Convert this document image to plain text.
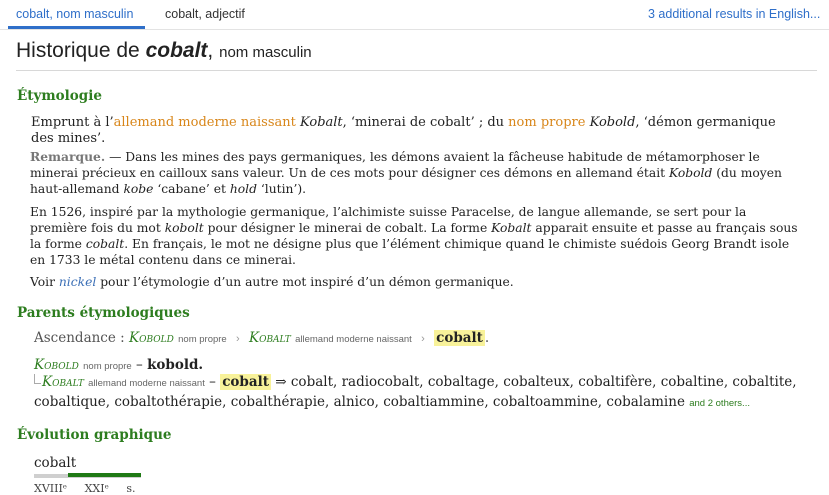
cobalt, nom masculin	cobalt, adjectif	3 additional results in English...
Historique de cobalt, nom masculin
Étymologie
Emprunt à l’allemand moderne naissant Kobalt, ‘minerai de cobalt’ ; du nom propre Kobold, ‘démon germanique des mines’.
Remarque. — Dans les mines des pays germaniques, les démons avaient la fâcheuse habitude de métamorphoser le minerai précieux en cailloux sans valeur. Un de ces mots pour désigner ces démons en allemand était Kobold (du moyen haut-allemand kobe ‘cabane’ et hold ‘lutin’).
En 1526, inspiré par la mythologie germanique, l’alchimiste suisse Paracelse, de langue allemande, se sert pour la première fois du mot kobolt pour désigner le minerai de cobalt. La forme Kobalt apparait ensuite et passe au français sous la forme cobalt. En français, le mot ne désigne plus que l’élément chimique quand le chimiste suédois Georg Brandt isole en 1733 le métal contenu dans ce minerai.
Voir nickel pour l’étymologie d’un autre mot inspiré d’un démon germanique.
Parents étymologiques
Ascendance : Kobold nom propre › Kobalt allemand moderne naissant › cobalt .
Kobold nom propre – kobold.
Kobalt allemand moderne naissant – cobalt ⇒ cobalt, radiocobalt, cobaltage, cobalteux, cobaltifère, cobaltine, cobaltite, cobaltique, cobaltothérapie, cobalthérapie, alnico, cobaltiammine, cobaltoammine, cobalamine and 2 others...
Évolution graphique
cobalt
XVIIIᵉ XXIᵉ s.
